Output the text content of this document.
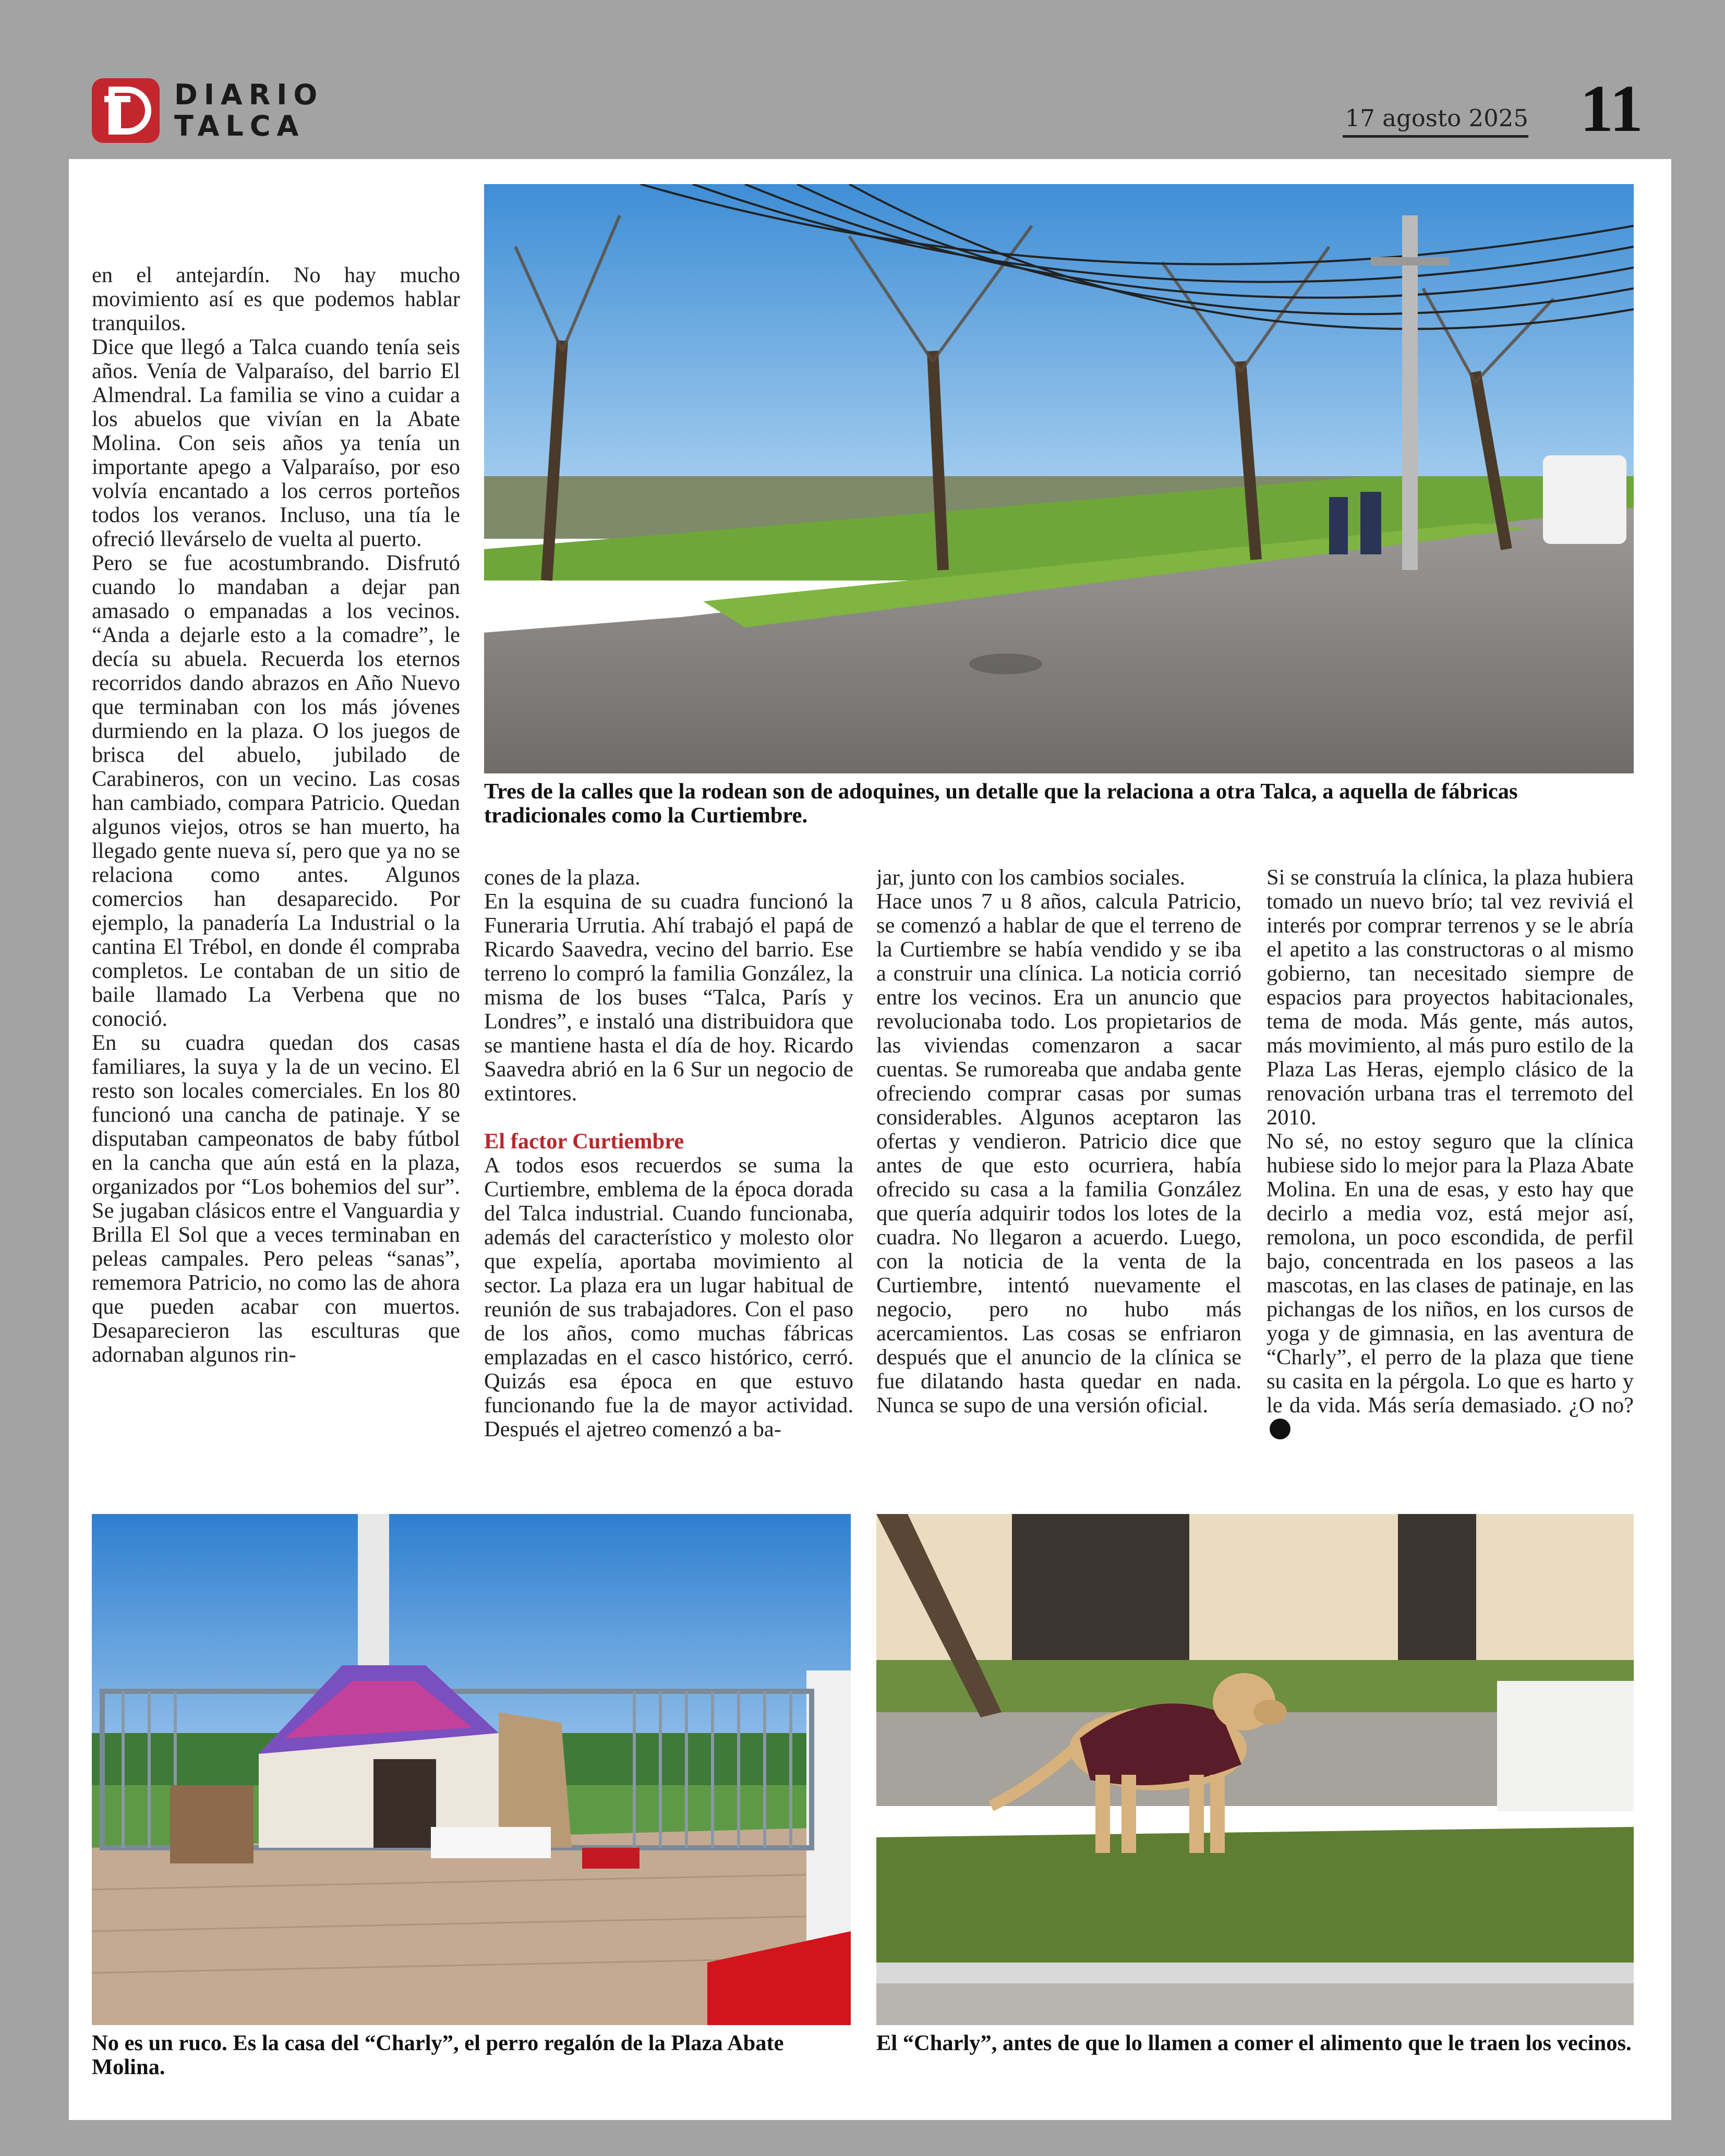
DIARIO
TALCA	17 agosto 2025 11
Tres de la calles que la rodean son de adoquines, un detalle que la relaciona a otra Talca, a aquella de fábricas tradicionales como la Curtiembre.

en el antejardín. No hay mucho movimiento así es que podemos hablar tranquilos.

Dice que llegó a Talca cuando tenía seis años. Venía de Valparaíso, del barrio El Almendral. La familia se vino a cuidar a los abuelos que vivían en la Abate Molina. Con seis años ya tenía un importante apego a Valparaíso, por eso volvía encantado a los cerros porteños todos los veranos. Incluso, una tía le ofreció llevárselo de vuelta al puerto.

Pero se fue acostumbrando. Disfrutó cuando lo mandaban a dejar pan amasado o empanadas a los vecinos. “Anda a dejarle esto a la comadre”, le decía su abuela. Recuerda los eternos recorridos dando abrazos en Año Nuevo que terminaban con los más jóvenes durmiendo en la plaza. O los juegos de brisca del abuelo, jubilado de Carabineros, con un vecino. Las cosas han cambiado, compara Patricio. Quedan algunos viejos, otros se han muerto, ha llegado gente nueva sí, pero que ya no se relaciona como antes. Algunos comercios han desaparecido. Por ejemplo, la panadería La Industrial o la cantina El Trébol, en donde él compraba completos. Le contaban de un sitio de baile llamado La Verbena que no conoció.

En su cuadra quedan dos casas familiares, la suya y la de un vecino. El resto son locales comerciales. En los 80 funcionó una cancha de patinaje. Y se disputaban campeonatos de baby fútbol en la cancha que aún está en la plaza, organizados por “Los bohemios del sur”. Se jugaban clásicos entre el Vanguardia y Brilla El Sol que a veces terminaban en peleas campales. Pero peleas “sanas”, rememora Patricio, no como las de ahora que pueden acabar con muertos. Desaparecieron las esculturas que adornaban algunos rin-

cones de la plaza.

En la esquina de su cuadra funcionó la Funeraria Urrutia. Ahí trabajó el papá de Ricardo Saavedra, vecino del barrio. Ese terreno lo compró la familia González, la misma de los buses “Talca, París y Londres”, e instaló una distribuidora que se mantiene hasta el día de hoy. Ricardo Saavedra abrió en la 6 Sur un negocio de extintores.

El factor Curtiembre

A todos esos recuerdos se suma la Curtiembre, emblema de la época dorada del Talca industrial. Cuando funcionaba, además del característico y molesto olor que expelía, aportaba movimiento al sector. La plaza era un lugar habitual de reunión de sus trabajadores. Con el paso de los años, como muchas fábricas emplazadas en el casco histórico, cerró. Quizás esa época en que estuvo funcionando fue la de mayor actividad. Después el ajetreo comenzó a ba-

jar, junto con los cambios sociales.

Hace unos 7 u 8 años, calcula Patricio, se comenzó a hablar de que el terreno de la Curtiembre se había vendido y se iba a construir una clínica. La noticia corrió entre los vecinos. Era un anuncio que revolucionaba todo. Los propietarios de las viviendas comenzaron a sacar cuentas. Se rumoreaba que andaba gente ofreciendo comprar casas por sumas considerables. Algunos aceptaron las ofertas y vendieron. Patricio dice que antes de que esto ocurriera, había ofrecido su casa a la familia González que quería adquirir todos los lotes de la cuadra. No llegaron a acuerdo. Luego, con la noticia de la venta de la Curtiembre, intentó nuevamente el negocio, pero no hubo más acercamientos. Las cosas se enfriaron después que el anuncio de la clínica se fue dilatando hasta quedar en nada. Nunca se supo de una versión oficial.

Si se construía la clínica, la plaza hubiera tomado un nuevo brío; tal vez reviviá el interés por comprar terrenos y se le abría el apetito a las constructoras o al mismo gobierno, tan necesitado siempre de espacios para proyectos habitacionales, tema de moda. Más gente, más autos, más movimiento, al más puro estilo de la Plaza Las Heras, ejemplo clásico de la renovación urbana tras el terremoto del 2010.

No sé, no estoy seguro que la clínica hubiese sido lo mejor para la Plaza Abate Molina. En una de esas, y esto hay que decirlo a media voz, está mejor así, remolona, un poco escondida, de perfil bajo, concentrada en los paseos a las mascotas, en las clases de patinaje, en las pichangas de los niños, en los cursos de yoga y de gimnasia, en las aventura de “Charly”, el perro de la plaza que tiene su casita en la pérgola. Lo que es harto y le da vida. Más sería demasiado. ¿O no?

No es un ruco. Es la casa del “Charly”, el perro regalón de la Plaza Abate Molina.
El “Charly”, antes de que lo llamen a comer el alimento que le traen los vecinos.
